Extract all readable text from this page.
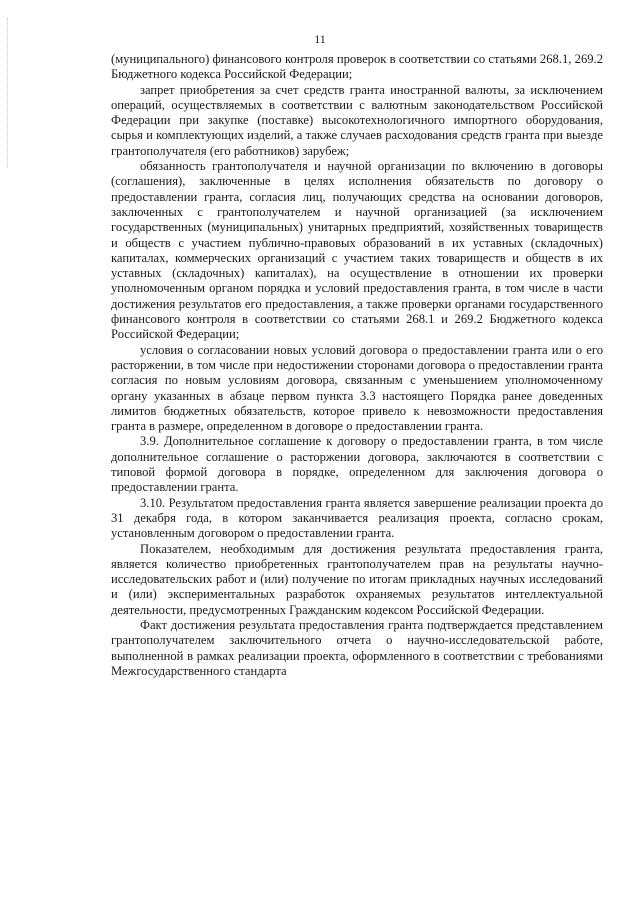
11

(муниципального) финансового контроля проверок в соответствии со статьями 268.1, 269.2 Бюджетного кодекса Российской Федерации;

запрет приобретения за счет средств гранта иностранной валюты, за исключением операций, осуществляемых в соответствии с валютным законодательством Российской Федерации при закупке (поставке) высокотехнологичного импортного оборудования, сырья и комплектующих изделий, а также случаев расходования средств гранта при выезде грантополучателя (его работников) зарубеж;

обязанность грантополучателя и научной организации по включению в договоры (соглашения), заключенные в целях исполнения обязательств по договору о предоставлении гранта, согласия лиц, получающих средства на основании договоров, заключенных с грантополучателем и научной организацией (за исключением государственных (муниципальных) унитарных предприятий, хозяйственных товариществ и обществ с участием публично-правовых образований в их уставных (складочных) капиталах, коммерческих организаций с участием таких товариществ и обществ в их уставных (складочных) капиталах), на осуществление в отношении их проверки уполномоченным органом порядка и условий предоставления гранта, в том числе в части достижения результатов его предоставления, а также проверки органами государственного финансового контроля в соответствии со статьями 268.1 и 269.2 Бюджетного кодекса Российской Федерации;

условия о согласовании новых условий договора о предоставлении гранта или о его расторжении, в том числе при недостижении сторонами договора о предоставлении гранта согласия по новым условиям договора, связанным с уменьшением уполномоченному органу указанных в абзаце первом пункта 3.3 настоящего Порядка ранее доведенных лимитов бюджетных обязательств, которое привело к невозможности предоставления гранта в размере, определенном в договоре о предоставлении гранта.

3.9. Дополнительное соглашение к договору о предоставлении гранта, в том числе дополнительное соглашение о расторжении договора, заключаются в соответствии с типовой формой договора в порядке, определенном для заключения договора о предоставлении гранта.

3.10. Результатом предоставления гранта является завершение реализации проекта до 31 декабря года, в котором заканчивается реализация проекта, согласно срокам, установленным договором о предоставлении гранта.

Показателем, необходимым для достижения результата предоставления гранта, является количество приобретенных грантополучателем прав на результаты научно-исследовательских работ и (или) получение по итогам прикладных научных исследований и (или) экспериментальных разработок охраняемых результатов интеллектуальной деятельности, предусмотренных Гражданским кодексом Российской Федерации.

Факт достижения результата предоставления гранта подтверждается представлением грантополучателем заключительного отчета о научно-исследовательской работе, выполненной в рамках реализации проекта, оформленного в соответствии с требованиями Межгосударственного стандарта
